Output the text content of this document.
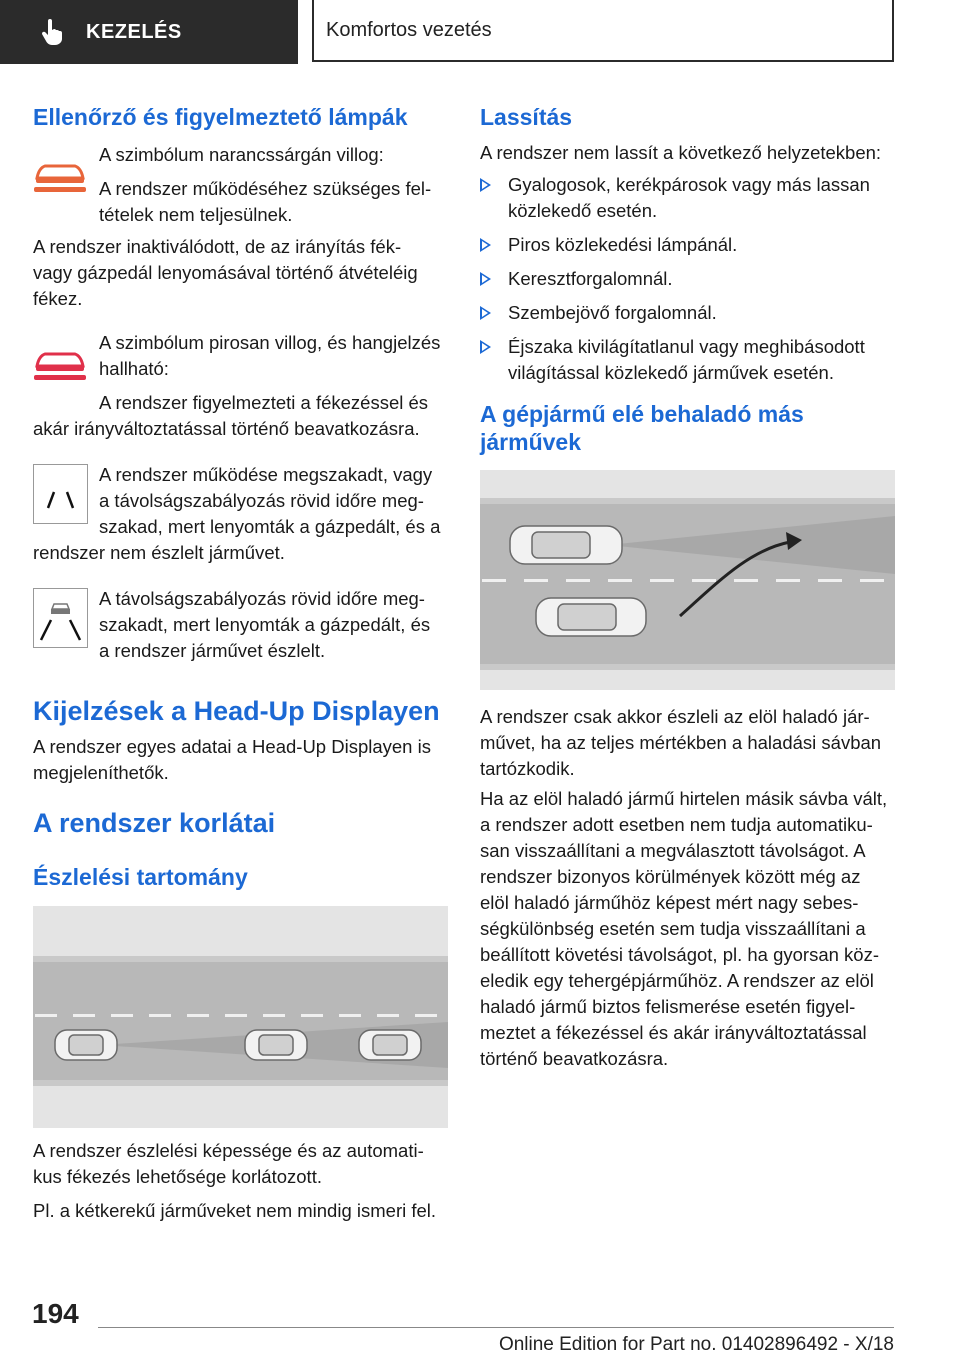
KEZELÉS	Komfortos vezetés
Ellenőrző és figyelmeztető lámpák
A szimbólum narancssárgán villog:
A rendszer működéséhez szükséges fel-
tételek nem teljesülnek.
A rendszer inaktiválódott, de az irányítás fék-
vagy gázpedál lenyomásával történő átvételéig
fékez.
A szimbólum pirosan villog, és hangjelzés
hallható:
A rendszer figyelmezteti a fékezéssel és
akár irányváltoztatással történő beavatkozásra.
A rendszer működése megszakadt, vagy
a távolságszabályozás rövid időre meg-
szakad, mert lenyomták a gázpedált, és a
rendszer nem észlelt járművet.
A távolságszabályozás rövid időre meg-
szakadt, mert lenyomták a gázpedált, és
a rendszer járművet észlelt.
Kijelzések a Head-Up Displayen
A rendszer egyes adatai a Head-Up Displayen is
megjeleníthetők.
A rendszer korlátai
Észlelési tartomány
A rendszer észlelési képessége és az automati-
kus fékezés lehetősége korlátozott.
Pl. a kétkerekű járműveket nem mindig ismeri fel.
Lassítás
A rendszer nem lassít a következő helyzetekben:
Gyalogosok, kerékpárosok vagy más lassan
közlekedő esetén.
Piros közlekedési lámpánál.
Keresztforgalomnál.
Szembejövő forgalomnál.
Éjszaka kivilágítatlanul vagy meghibásodott
világítással közlekedő járművek esetén.
A gépjármű elé behaladó más
járművek
A rendszer csak akkor észleli az elöl haladó jár-
művet, ha az teljes mértékben a haladási sávban
tartózkodik.
Ha az elöl haladó jármű hirtelen másik sávba vált,
a rendszer adott esetben nem tudja automatiku-
san visszaállítani a megválasztott távolságot. A
rendszer bizonyos körülmények között még az
elöl haladó járműhöz képest mért nagy sebes-
ségkülönbség esetén sem tudja visszaállítani a
beállított követési távolságot, pl. ha gyorsan köz-
eledik egy tehergépjárműhöz. A rendszer az elöl
haladó jármű biztos felismerése esetén figyel-
meztet a fékezéssel és akár irányváltoztatással
történő beavatkozásra.
194
Online Edition for Part no. 01402896492 - X/18
